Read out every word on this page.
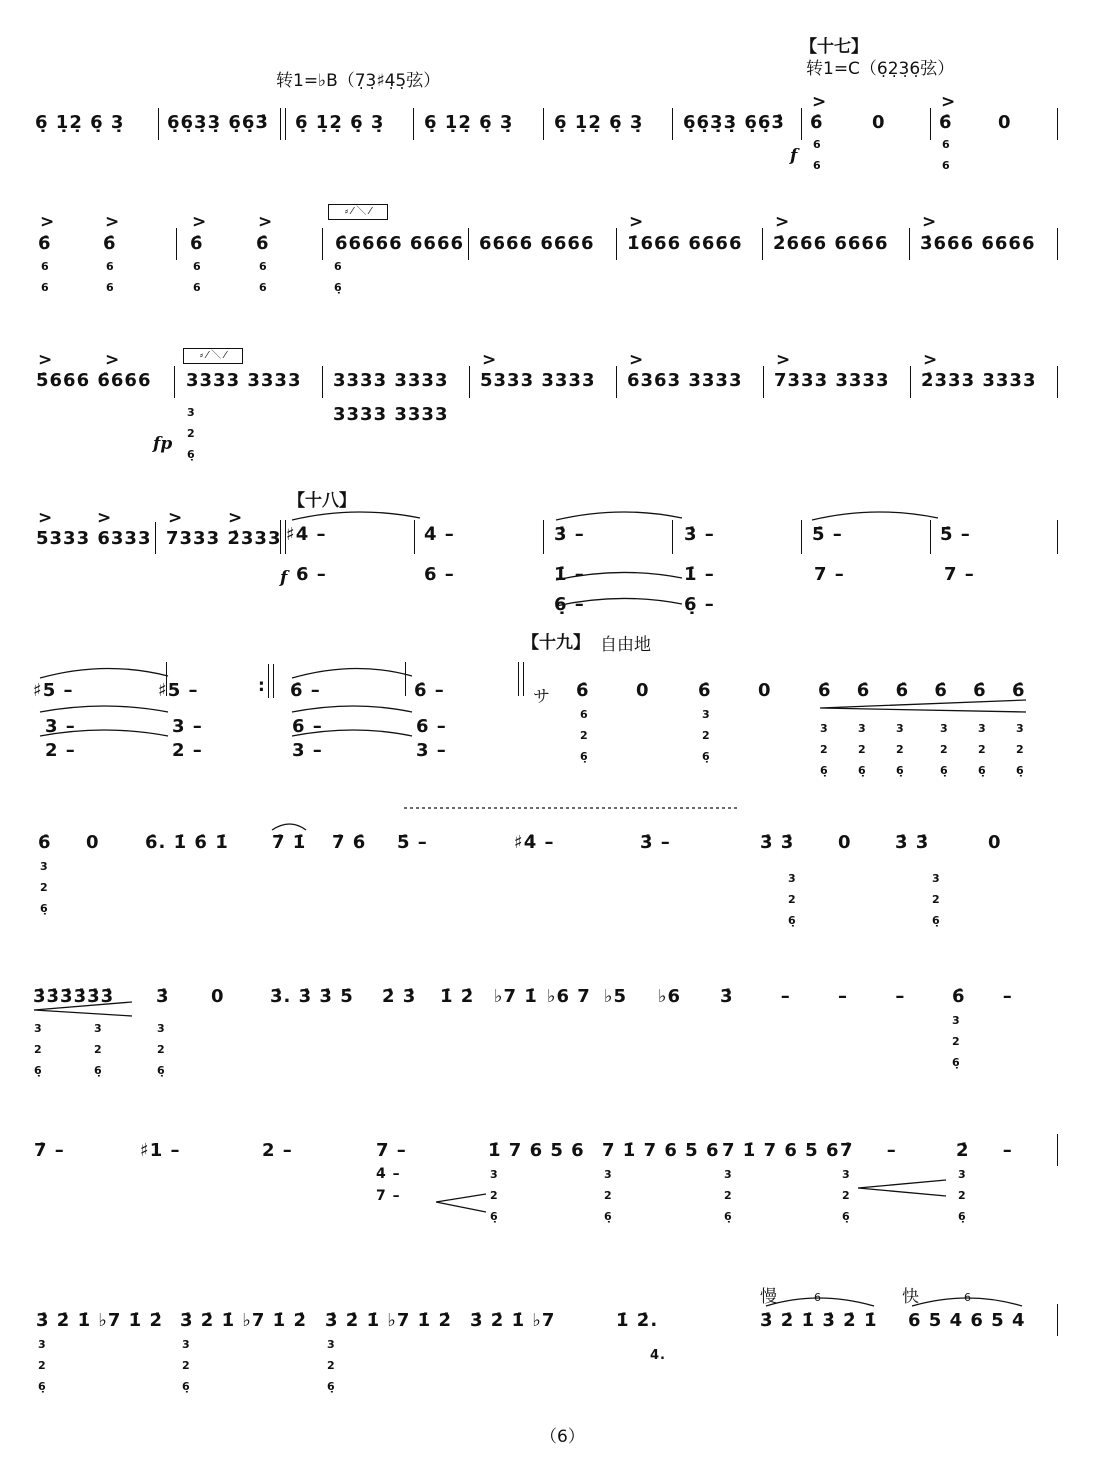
转1=♭B（7̣3̣♯4̣5̣弦）
【十七】
转1=C（6̣2̣3̣6̣弦）
6̣ 1̣2̣ 6̣ 3̣ 6̣6̣3̣3̣ 6̣6̣3̇ 6̣ 1̣2̣ 6̣ 3̣ 6̣ 1̣2̣ 6̣ 3̣ 6̣ 1̣2̣ 6̣ 3̣ 6̣6̣3̣3̣ 6̣6̣3̇
>
6̇
6
6
f
0
>
6̇
6
6
0
>
6̇
6
6
>
6̇
6
6
>
6̇
6
6
>
6̇
6
6
⸗ ⁄ ＼ ⁄
6̇6666 6666
6
6̣
6666 6666
>
1̇666 6666
>
2̇666 6666
>
3̇666 6666
>	>
5̇666 6̇666
⸗ ⁄ ＼ ⁄
3333 3333
3
2
6̣
fp
3333 3333
3333 3333
>
5333 3333
>
6363 3333
>
7333 3333
>
2̇333 3333
【十八】
>	>
5333 6333
>	>
7333 2̇333 ♯4̇ –	4̇ –
f 6 –	6 –
3̇ –	3̇ –
1̇ –	1̇ –
6̣ –	6̣ –
5̇ –	5̇ –
7 –	7 –
【十九】 自由地
♯5 –	♯5 –
3 –	3 –
2 –	2 –
: 6̇ –	6̇ –
6 –	6 –
3 –	3 –
サ 6̇
6
2
6̣
0	6̇
3
2
6̣
0	6̇ 6̇ 6̇ 6̇ 6̇ 6̇
3
2
6̣
3
2
6̣
3
2
6̣
3
2
6̣
3
2
6̣
3
2
6̣
6̇
3
2
6̣
0	6̇. 1̇ 6̇ 1̇ 7̇ 1̇ 7̇ 6̇ 5̇ –	♯4̇ –	3̇ –	3̇ 3̇
3
2
6̣
0 3̇ 3̇
3
2
6̣
0
3̇3̇3̇3̇3̇3̇
3
2
6̣
3
2
6̣
3̇
3
2
6̣
0	3̇. 3̇ 3̇ 5̇ 2̇ 3̇ 1̇ 2̇ ♭7 1̇ ♭6 7 ♭5 ♭6 3̇ – – –	6̇ –
3
2
6̣
7̇ –	♯1 –	2 –	7 –
4 –
7 –
1̇ 7 6 5 6
3
2
6̣
7 1̇ 7 6 5 6
3
2
6̣
7 1̇ 7 6 5 6
3
2
6̣
7̇ –
3
2
6̣
2̇ –
3
2
6̣
慢	快
6	6
3̇ 2̇ 1̇ ♭7 1̇ 2̇
3
2
6̣
3̇ 2̇ 1̇ ♭7 1̇ 2̇
3
2
6̣
3̇ 2̇ 1̇ ♭7 1̇ 2̇
3
2
6̣
3̇ 2̇ 1̇ ♭7	1̇ 2̇.
4.
3̇ 2̇ 1̇ 3̇ 2̇ 1̇ 6 5 4 6 5 4
（6）
